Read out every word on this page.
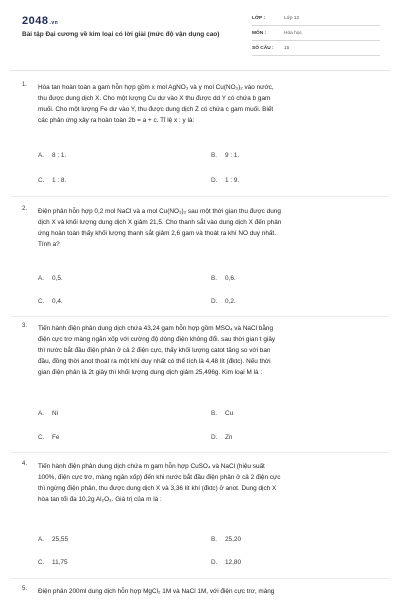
2048.vn
Bài tập Đại cương về kim loại có lời giải (mức độ vận dụng cao)
LỚP :	Lớp 12
MÔN :	Hóa học
SỐ CÂU : 15
1. Hòa tan hoàn toàn a gam hỗn hợp gồm x mol AgNO₃ và y mol Cu(NO₃)₂ vào nước,
thu được dung dịch X. Cho một lượng Cu dư vào X thu được dd Y có chứa b gam
muối. Cho một lượng Fe dư vào Y, thu được dung dịch Z có chứa c gam muối. Biết
các phản ứng xảy ra hoàn toàn 2b = a + c. Tỉ lệ x : y là:
A. 8 : 1.	B. 9 : 1.
C. 1 : 8.	D. 1 : 9.
2. Điện phân hỗn hợp 0,2 mol NaCl và a mol Cu(NO₃)₂ sau một thời gian thu được dung
dịch X và khối lượng dung dịch X giảm 21,5. Cho thanh sắt vào dung dịch X đến phản
ứng hoàn toàn thấy khối lượng thanh sắt giảm 2,6 gam và thoát ra khí NO duy nhất.
Tính a?
A. 0,5.	B. 0,6.
C. 0,4.	D. 0,2.
3. Tiến hành điện phân dung dịch chứa 43,24 gam hỗn hợp gồm MSO₄ và NaCl bằng
điện cực trơ màng ngăn xốp với cường độ dòng điện không đổi. sau thời gian t giây
thì nước bắt đầu điện phân ở cả 2 điện cực, thấy khối lượng catot tăng so với ban
đầu, đồng thời anot thoát ra một khí duy nhất có thể tích là 4,48 lít (đktc). Nếu thời
gian điện phân là 2t giây thì khối lượng dung dịch giảm 25,496g. Kim loại M là :
A. Ni	B. Cu
C. Fe	D. Zn
4. Tiến hành điện phân dung dịch chứa m gam hỗn hợp CuSO₄ và NaCl (hiệu suất
100%, điện cực trơ, màng ngăn xốp) đến khi nước bắt đầu điện phân ở cả 2 điện cực
thì ngừng điện phân, thu được dung dịch X và 3,36 lít khí (đktc) ở anot. Dung dịch X
hòa tan tối đa 10,2g Al₂O₃. Giá trị của m là :
A. 25,55	B. 25,20
C. 11,75	D. 12,80
5. Điện phân 200ml dung dịch hỗn hợp MgCl₂ 1M và NaCl 1M, với điện cực trơ, màng
